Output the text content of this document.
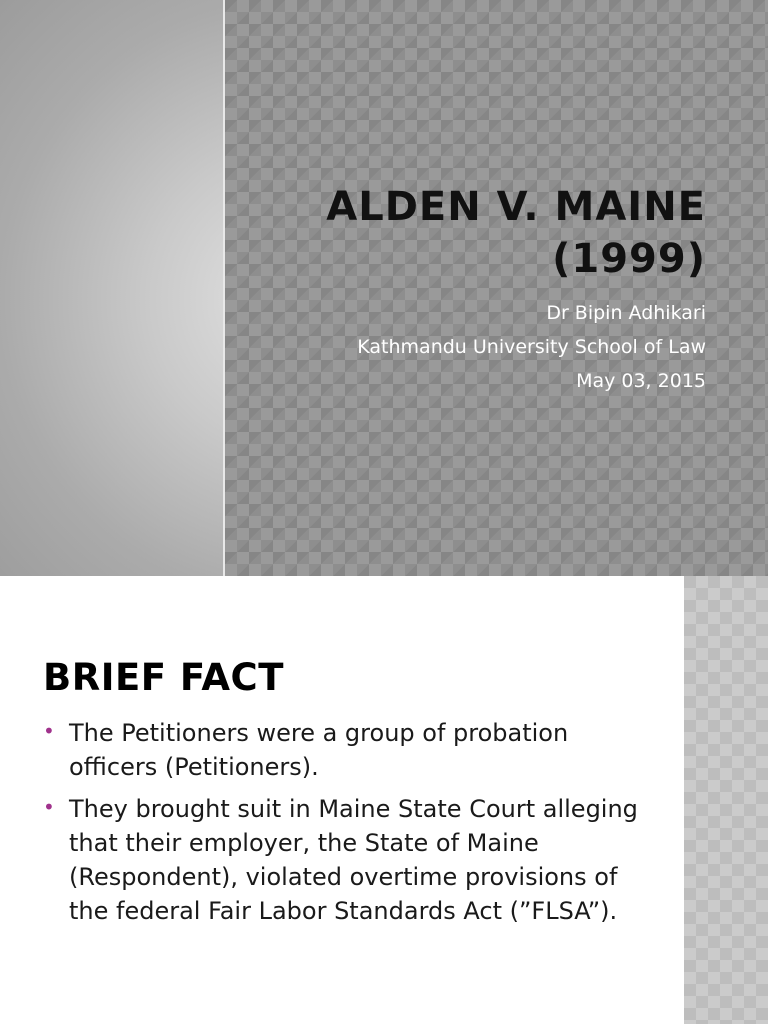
ALDEN V. MAINE
(1999)
Dr Bipin Adhikari
Kathmandu University School of Law
May 03, 2015
BRIEF FACT
• The Petitioners were a group of probation officers (Petitioners).
• They brought suit in Maine State Court alleging that their employer, the State of Maine (Respondent), violated overtime provisions of the federal Fair Labor Standards Act (”FLSA”).
